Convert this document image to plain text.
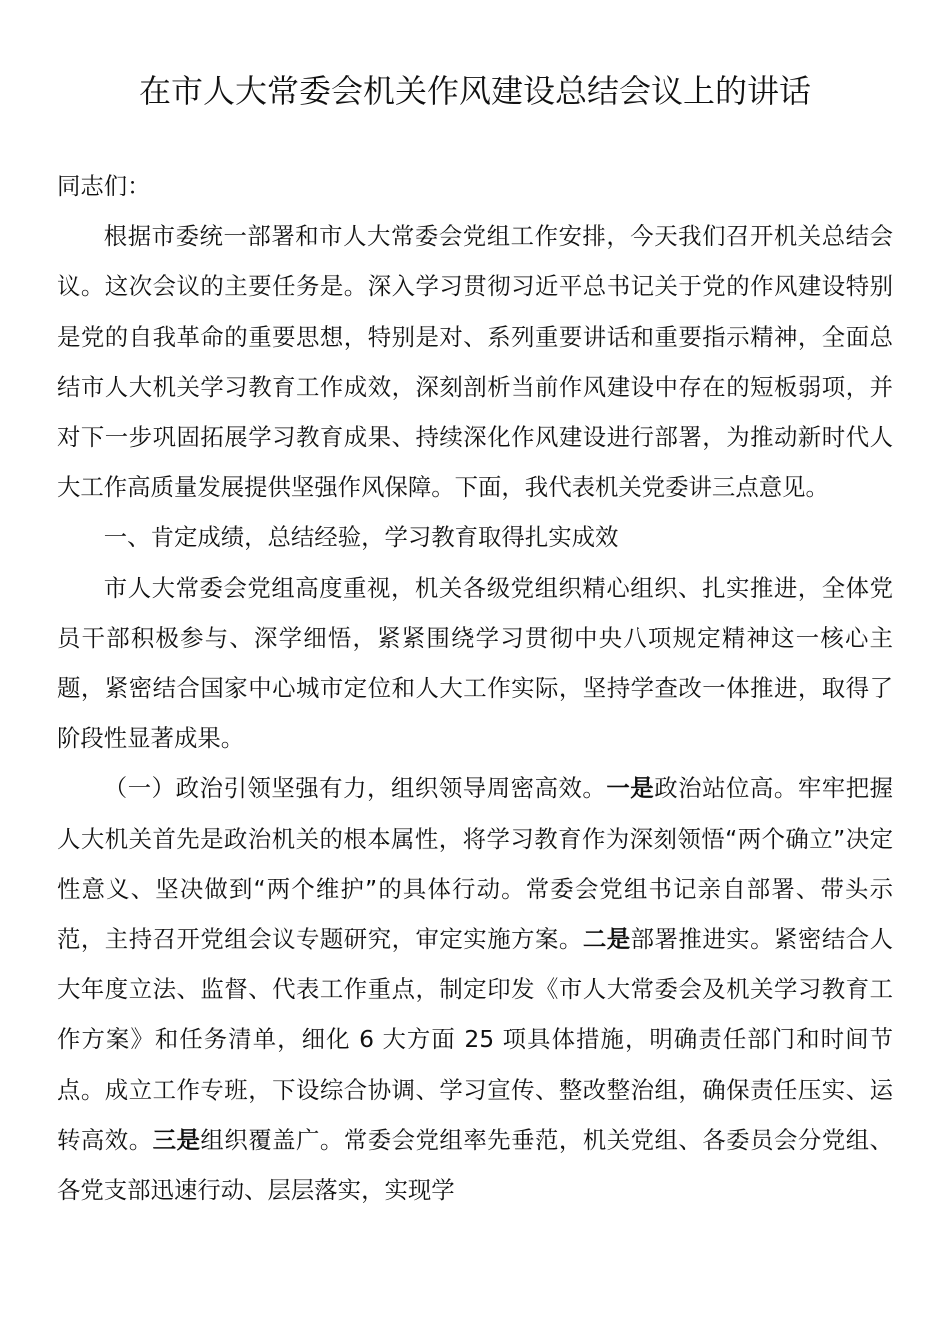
在市人大常委会机关作风建设总结会议上的讲话

同志们：

根据市委统一部署和市人大常委会党组工作安排，今天我们召开机关总结会议。这次会议的主要任务是。深入学习贯彻习近平总书记关于党的作风建设特别是党的自我革命的重要思想，特别是对、系列重要讲话和重要指示精神，全面总结市人大机关学习教育工作成效，深刻剖析当前作风建设中存在的短板弱项，并对下一步巩固拓展学习教育成果、持续深化作风建设进行部署，为推动新时代人大工作高质量发展提供坚强作风保障。下面，我代表机关党委讲三点意见。

一、肯定成绩，总结经验，学习教育取得扎实成效

市人大常委会党组高度重视，机关各级党组织精心组织、扎实推进，全体党员干部积极参与、深学细悟，紧紧围绕学习贯彻中央八项规定精神这一核心主题，紧密结合国家中心城市定位和人大工作实际，坚持学查改一体推进，取得了阶段性显著成果。

（一）政治引领坚强有力，组织领导周密高效。一是政治站位高。牢牢把握人大机关首先是政治机关的根本属性，将学习教育作为深刻领悟“两个确立”决定性意义、坚决做到“两个维护”的具体行动。常委会党组书记亲自部署、带头示范，主持召开党组会议专题研究，审定实施方案。二是部署推进实。紧密结合人大年度立法、监督、代表工作重点，制定印发《市人大常委会及机关学习教育工作方案》和任务清单，细化 6 大方面 25 项具体措施，明确责任部门和时间节点。成立工作专班，下设综合协调、学习宣传、整改整治组，确保责任压实、运转高效。三是组织覆盖广。常委会党组率先垂范，机关党组、各委员会分党组、各党支部迅速行动、层层落实，实现学
